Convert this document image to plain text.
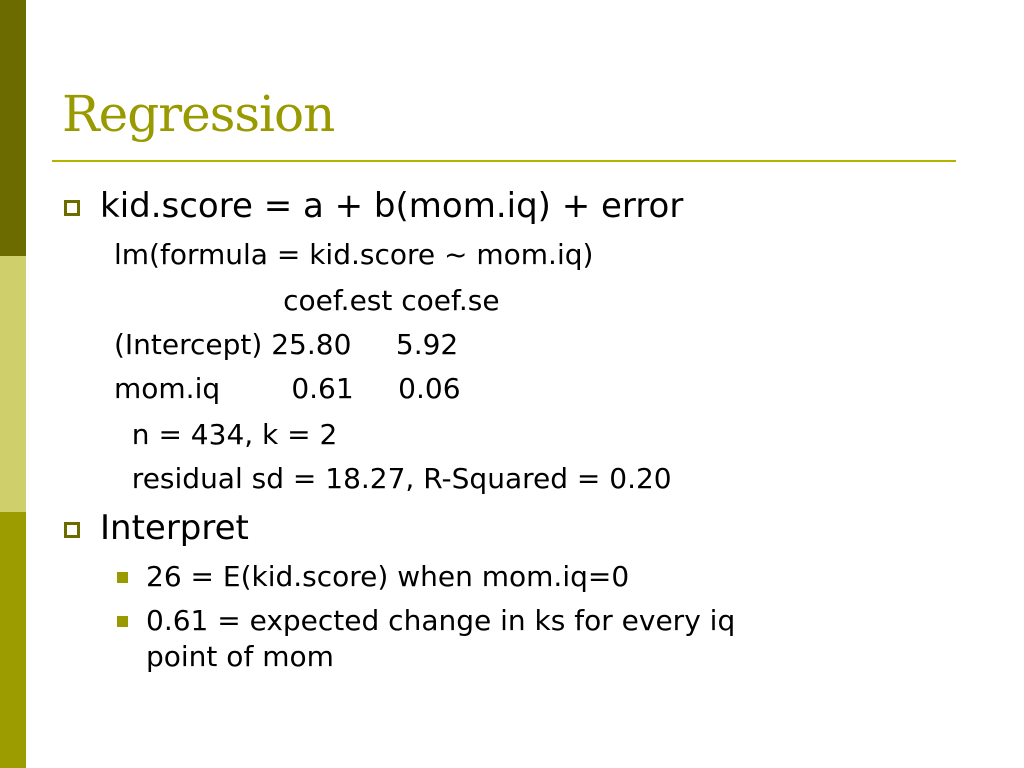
Regression
kid.score = a + b(mom.iq) + error
lm(formula = kid.score ~ mom.iq)
coef.est coef.se
(Intercept) 25.80     5.92
mom.iq        0.61     0.06
n = 434, k = 2
residual sd = 18.27, R-Squared = 0.20
Interpret
26 = E(kid.score) when mom.iq=0
0.61 = expected change in ks for every iq
point of mom
